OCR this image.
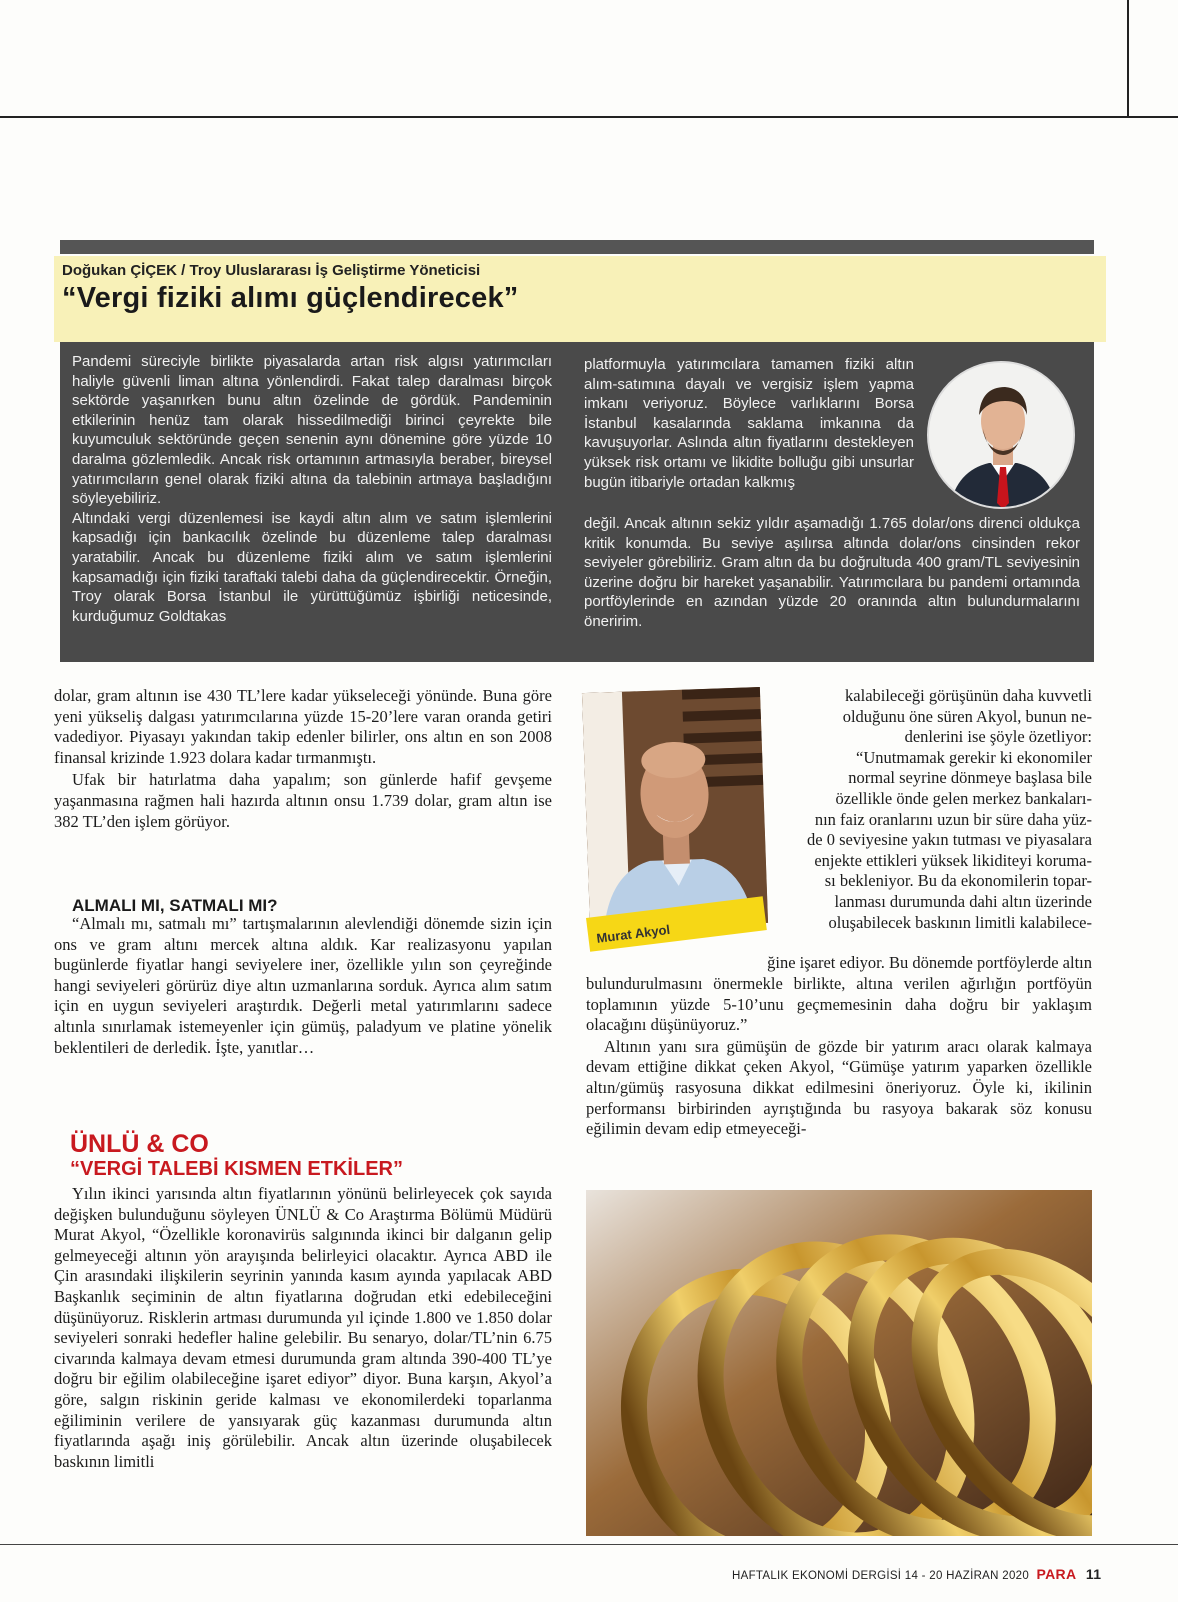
Doğukan ÇİÇEK / Troy Uluslararası İş Geliştirme Yöneticisi
“Vergi fiziki alımı güçlendirecek”

Pandemi süreciyle birlikte piyasalarda artan risk algısı yatırımcıları haliyle güvenli liman altına yönlendirdi. Fakat talep daralması birçok sektörde yaşanırken bunu altın özelinde de gördük. Pandeminin etkilerinin henüz tam olarak hissedilmediği birinci çeyrekte bile kuyumculuk sektöründe geçen senenin aynı dönemine göre yüzde 10 daralma gözlemledik. Ancak risk ortamının artmasıyla beraber, bireysel yatırımcıların genel olarak fiziki altına da talebinin artmaya başladığını söyleyebiliriz.

Altındaki vergi düzenlemesi ise kaydi altın alım ve satım işlemlerini kapsadığı için bankacılık özelinde bu düzenleme talep daralması yaratabilir. Ancak bu düzenleme fiziki alım ve satım işlemlerini kapsamadığı için fiziki taraftaki talebi daha da güçlendirecektir. Örneğin, Troy olarak Borsa İstanbul ile yürüttüğümüz işbirliği neticesinde, kurduğumuz Goldtakas

platformuyla yatırımcılara tamamen fiziki altın alım-satımına dayalı ve vergisiz işlem yapma imkanı veriyoruz. Böylece varlıklarını Borsa İstanbul kasalarında saklama imkanına da kavuşuyorlar. Aslında altın fiyatlarını destekleyen yüksek risk ortamı ve likidite bolluğu gibi unsurlar bugün itibariyle ortadan kalkmış
değil. Ancak altının sekiz yıldır aşamadığı 1.765 dolar/ons direnci oldukça kritik konumda. Bu seviye aşılırsa altında dolar/ons cinsinden rekor seviyeler görebiliriz. Gram altın da bu doğrultuda 400 gram/TL seviyesinin üzerine doğru bir hareket yaşanabilir. Yatırımcılara bu pandemi ortamında portföylerinde en azından yüzde 20 oranında altın bulundurmalarını öneririm.

dolar, gram altının ise 430 TL’lere kadar yükseleceği yönünde. Buna göre yeni yükseliş dalgası yatırımcılarına yüzde 15-20’lere varan oranda getiri vadediyor. Piyasayı yakından takip edenler bilirler, ons altın en son 2008 finansal krizinde 1.923 dolara kadar tırmanmıştı.

Ufak bir hatırlatma daha yapalım; son günlerde hafif gevşeme yaşanmasına rağmen hali hazırda altının onsu 1.739 dolar, gram altın ise 382 TL’den işlem görüyor.

ALMALI MI, SATMALI MI?

“Almalı mı, satmalı mı” tartışmalarının alevlendiği dönemde sizin için ons ve gram altını mercek altına aldık. Kar realizasyonu yapılan bugünlerde fiyatlar hangi seviyelere iner, özellikle yılın son çeyreğinde hangi seviyeleri görürüz diye altın uzmanlarına sorduk. Ayrıca alım satım için en uygun seviyeleri araştırdık. Değerli metal yatırımlarını sadece altınla sınırlamak istemeyenler için gümüş, paladyum ve platine yönelik beklentileri de derledik. İşte, yanıtlar…

ÜNLÜ & CO
“VERGİ TALEBİ KISMEN ETKİLER”

Yılın ikinci yarısında altın fiyatlarının yönünü belirleyecek çok sayıda değişken bulunduğunu söyleyen ÜNLÜ & Co Araştırma Bölümü Müdürü Murat Akyol, “Özellikle koronavirüs salgınında ikinci bir dalganın gelip gelmeyeceği altının yön arayışında belirleyici olacaktır. Ayrıca ABD ile Çin arasındaki ilişkilerin seyrinin yanında kasım ayında yapılacak ABD Başkanlık seçiminin de altın fiyatlarına doğrudan etki edebileceğini düşünüyoruz. Risklerin artması durumunda yıl içinde 1.800 ve 1.850 dolar seviyeleri sonraki hedefler haline gelebilir. Bu senaryo, dolar/TL’nin 6.75 civarında kalmaya devam etmesi durumunda gram altında 390-400 TL’ye doğru bir eğilim olabileceğine işaret ediyor” diyor. Buna karşın, Akyol’a göre, salgın riskinin geride kalması ve ekonomilerdeki toparlanma eğiliminin verilere de yansıyarak güç kazanması durumunda altın fiyatlarında aşağı iniş görülebilir. Ancak altın üzerinde oluşabilecek baskının limitli

Murat Akyol
kalabileceği görüşünün daha kuvvetli
olduğunu öne süren Akyol, bunun ne-
denlerini ise şöyle özetliyor:
“Unutmamak gerekir ki ekonomiler
normal seyrine dönmeye başlasa bile
özellikle önde gelen merkez bankaları-
nın faiz oranlarını uzun bir süre daha yüz-
de 0 seviyesine yakın tutması ve piyasalara
enjekte ettikleri yüksek likiditeyi koruma-
sı bekleniyor. Bu da ekonomilerin topar-
lanması durumunda dahi altın üzerinde
oluşabilecek baskının limitli kalabilece-
ğine işaret ediyor. Bu dönemde portföylerde altın

bulundurulmasını önermekle birlikte, altına verilen ağırlığın portföyün toplamının yüzde 5-10’unu geçmemesinin daha doğru bir yaklaşım olacağını düşünüyoruz.”

Altının yanı sıra gümüşün de gözde bir yatırım aracı olarak kalmaya devam ettiğine dikkat çeken Akyol, “Gümüşe yatırım yaparken özellikle altın/gümüş rasyosuna dikkat edilmesini öneriyoruz. Öyle ki, ikilinin performansı birbirinden ayrıştığında bu rasyoya bakarak söz konusu eğilimin devam edip etmeyeceği-

HAFTALIK EKONOMİ DERGİSİ 14 - 20 HAZİRAN 2020 PARA 11
